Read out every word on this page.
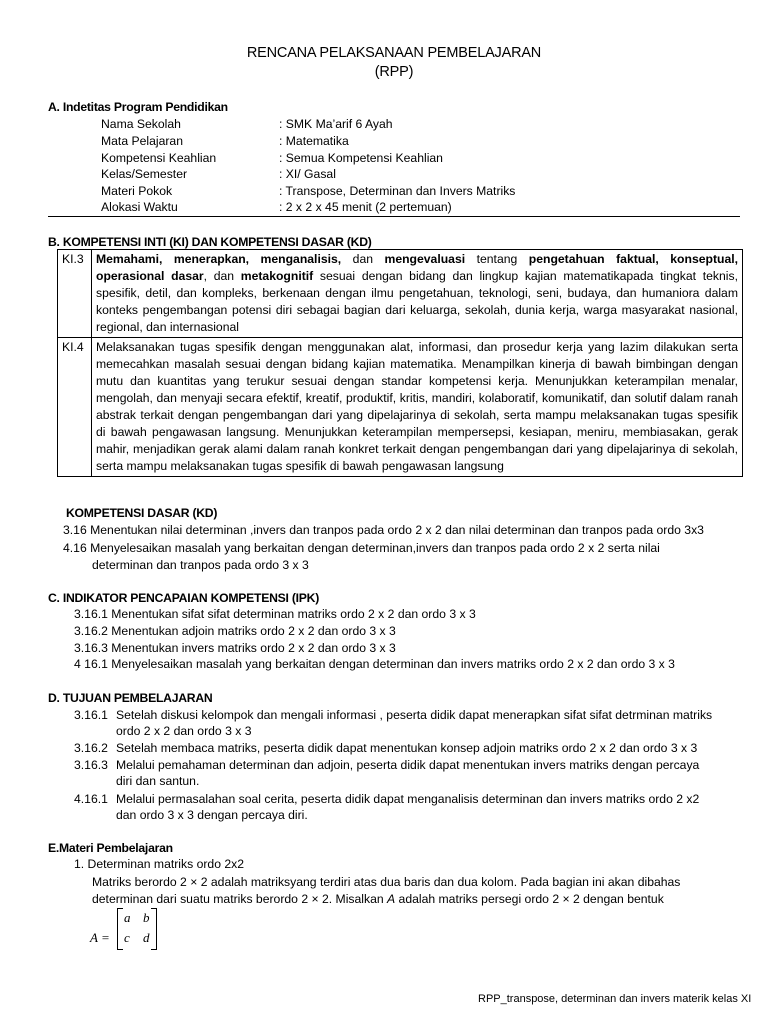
RENCANA PELAKSANAAN PEMBELAJARAN
(RPP)
A. Indetitas Program Pendidikan
Nama Sekolah	: SMK Ma’arif 6 Ayah
Mata Pelajaran	: Matematika
Kompetensi Keahlian	: Semua Kompetensi Keahlian
Kelas/Semester	: XI/ Gasal
Materi Pokok	: Transpose, Determinan dan Invers Matriks
Alokasi Waktu	: 2 x 2 x 45 menit (2 pertemuan)
B. KOMPETENSI INTI (KI) DAN KOMPETENSI DASAR (KD)
KI.3	Memahami, menerapkan, menganalisis, dan mengevaluasi tentang pengetahuan faktual, konseptual, operasional dasar, dan metakognitif sesuai dengan bidang dan lingkup kajian matematikapada tingkat teknis, spesifik, detil, dan kompleks, berkenaan dengan ilmu pengetahuan, teknologi, seni, budaya, dan humaniora dalam konteks pengembangan potensi diri sebagai bagian dari keluarga, sekolah, dunia kerja, warga masyarakat nasional, regional, dan internasional
KI.4	Melaksanakan tugas spesifik dengan menggunakan alat, informasi, dan prosedur kerja yang lazim dilakukan serta memecahkan masalah sesuai dengan bidang kajian matematika. Menampilkan kinerja di bawah bimbingan dengan mutu dan kuantitas yang terukur sesuai dengan standar kompetensi kerja. Menunjukkan keterampilan menalar, mengolah, dan menyaji secara efektif, kreatif, produktif, kritis, mandiri, kolaboratif, komunikatif, dan solutif dalam ranah abstrak terkait dengan pengembangan dari yang dipelajarinya di sekolah, serta mampu melaksanakan tugas spesifik di bawah pengawasan langsung. Menunjukkan keterampilan mempersepsi, kesiapan, meniru, membiasakan, gerak mahir, menjadikan gerak alami dalam ranah konkret terkait dengan pengembangan dari yang dipelajarinya di sekolah, serta mampu melaksanakan tugas spesifik di bawah pengawasan langsung
KOMPETENSI DASAR (KD)
3.16 Menentukan nilai determinan ,invers dan tranpos pada ordo 2 x 2 dan nilai determinan dan tranpos pada ordo 3x3
4.16 Menyelesaikan masalah yang berkaitan dengan determinan,invers dan tranpos pada ordo 2 x 2 serta nilai
determinan dan tranpos pada ordo 3 x 3
C. INDIKATOR PENCAPAIAN KOMPETENSI (IPK)
3.16.1 Menentukan sifat sifat determinan matriks ordo 2 x 2 dan ordo 3 x 3
3.16.2 Menentukan adjoin matriks ordo 2 x 2 dan ordo 3 x 3
3.16.3 Menentukan invers matriks ordo 2 x 2 dan ordo 3 x 3
4 16.1 Menyelesaikan masalah yang berkaitan dengan determinan dan invers matriks ordo 2 x 2 dan ordo 3 x 3
D. TUJUAN PEMBELAJARAN
3.16.1 Setelah diskusi kelompok dan mengali informasi , peserta didik dapat menerapkan sifat sifat detrminan matriks
ordo 2 x 2 dan ordo 3 x 3
3.16.2 Setelah membaca matriks, peserta didik dapat menentukan konsep adjoin matriks ordo 2 x 2 dan ordo 3 x 3
3.16.3 Melalui pemahaman determinan dan adjoin, peserta didik dapat menentukan invers matriks dengan percaya
diri dan santun.
4.16.1 Melalui permasalahan soal cerita, peserta didik dapat menganalisis determinan dan invers matriks ordo 2 x2
dan ordo 3 x 3 dengan percaya diri.
E.Materi Pembelajaran
1. Determinan matriks ordo 2x2
Matriks berordo 2 × 2 adalah matriksyang terdiri atas dua baris dan dua kolom. Pada bagian ini akan dibahas
determinan dari suatu matriks berordo 2 × 2. Misalkan A adalah matriks persegi ordo 2 × 2 dengan bentuk
A =
a b
c d
RPP_transpose, determinan dan invers materik kelas XI
